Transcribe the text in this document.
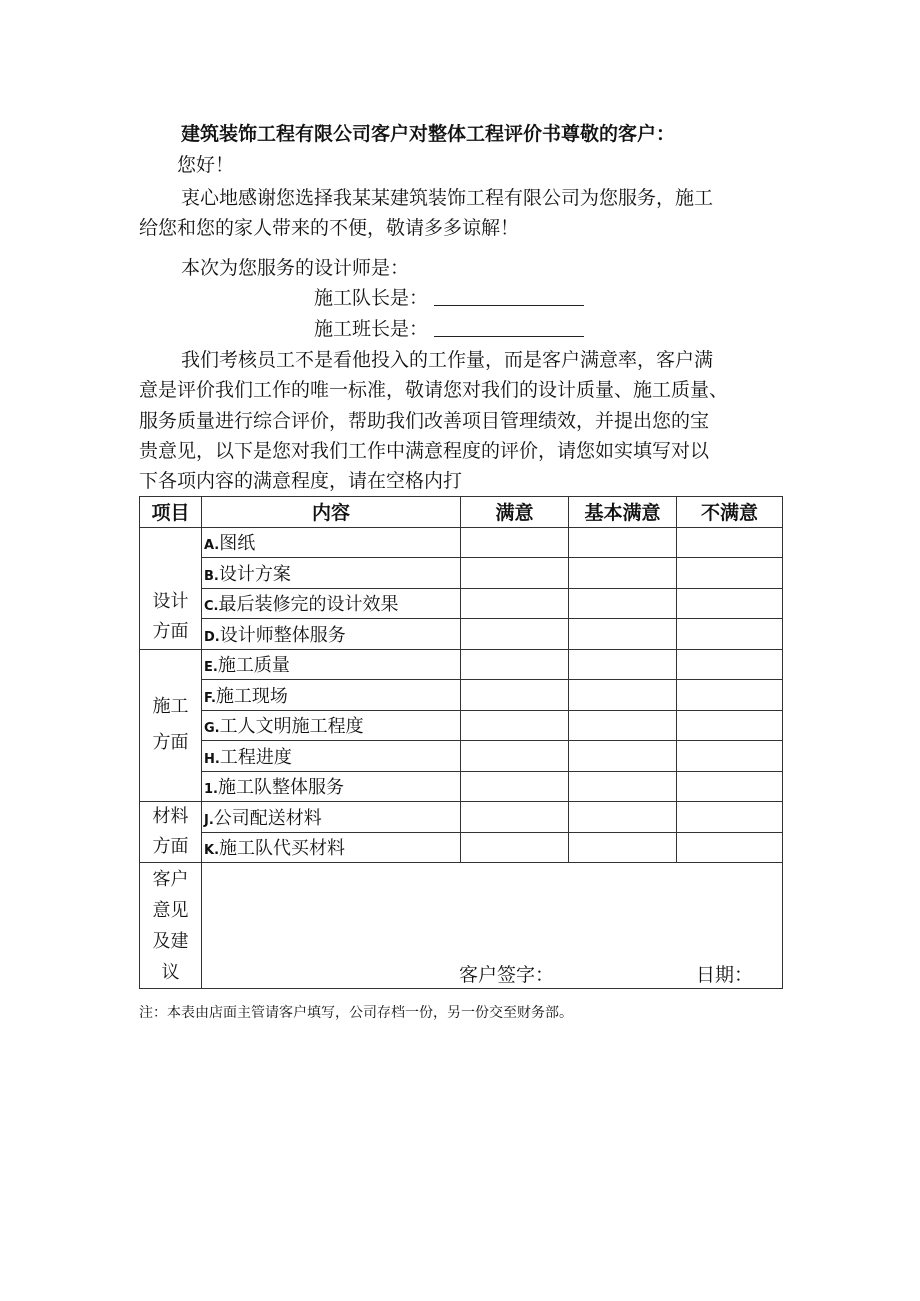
建筑装饰工程有限公司客户对整体工程评价书尊敬的客户：
您好！
衷心地感谢您选择我某某建筑装饰工程有限公司为您服务，施工
给您和您的家人带来的不便，敬请多多谅解！
本次为您服务的设计师是：
施工队长是：
施工班长是：
我们考核员工不是看他投入的工作量，而是客户满意率，客户满
意是评价我们工作的唯一标准，敬请您对我们的设计质量、施工质量、
服务质量进行综合评价，帮助我们改善项目管理绩效，并提出您的宝
贵意见，以下是您对我们工作中满意程度的评价，请您如实填写对以
下各项内容的满意程度，请在空格内打
项目	内容	满意	基本满意	不满意

设计
方面	A.图纸			
	B.设计方案			
	C.最后装修完的设计效果			
	D.设计师整体服务			

施工
方面	E.施工质量			
	F.施工现场			
	G.工人文明施工程度			
	H.工程进度			
	1.施工队整体服务			

材料
方面	J.公司配送材料			
	K.施工队代买材料			

客户
意见
及建
议	客户签字： 日期：			
注：本表由店面主管请客户填写，公司存档一份，另一份交至财务部。
